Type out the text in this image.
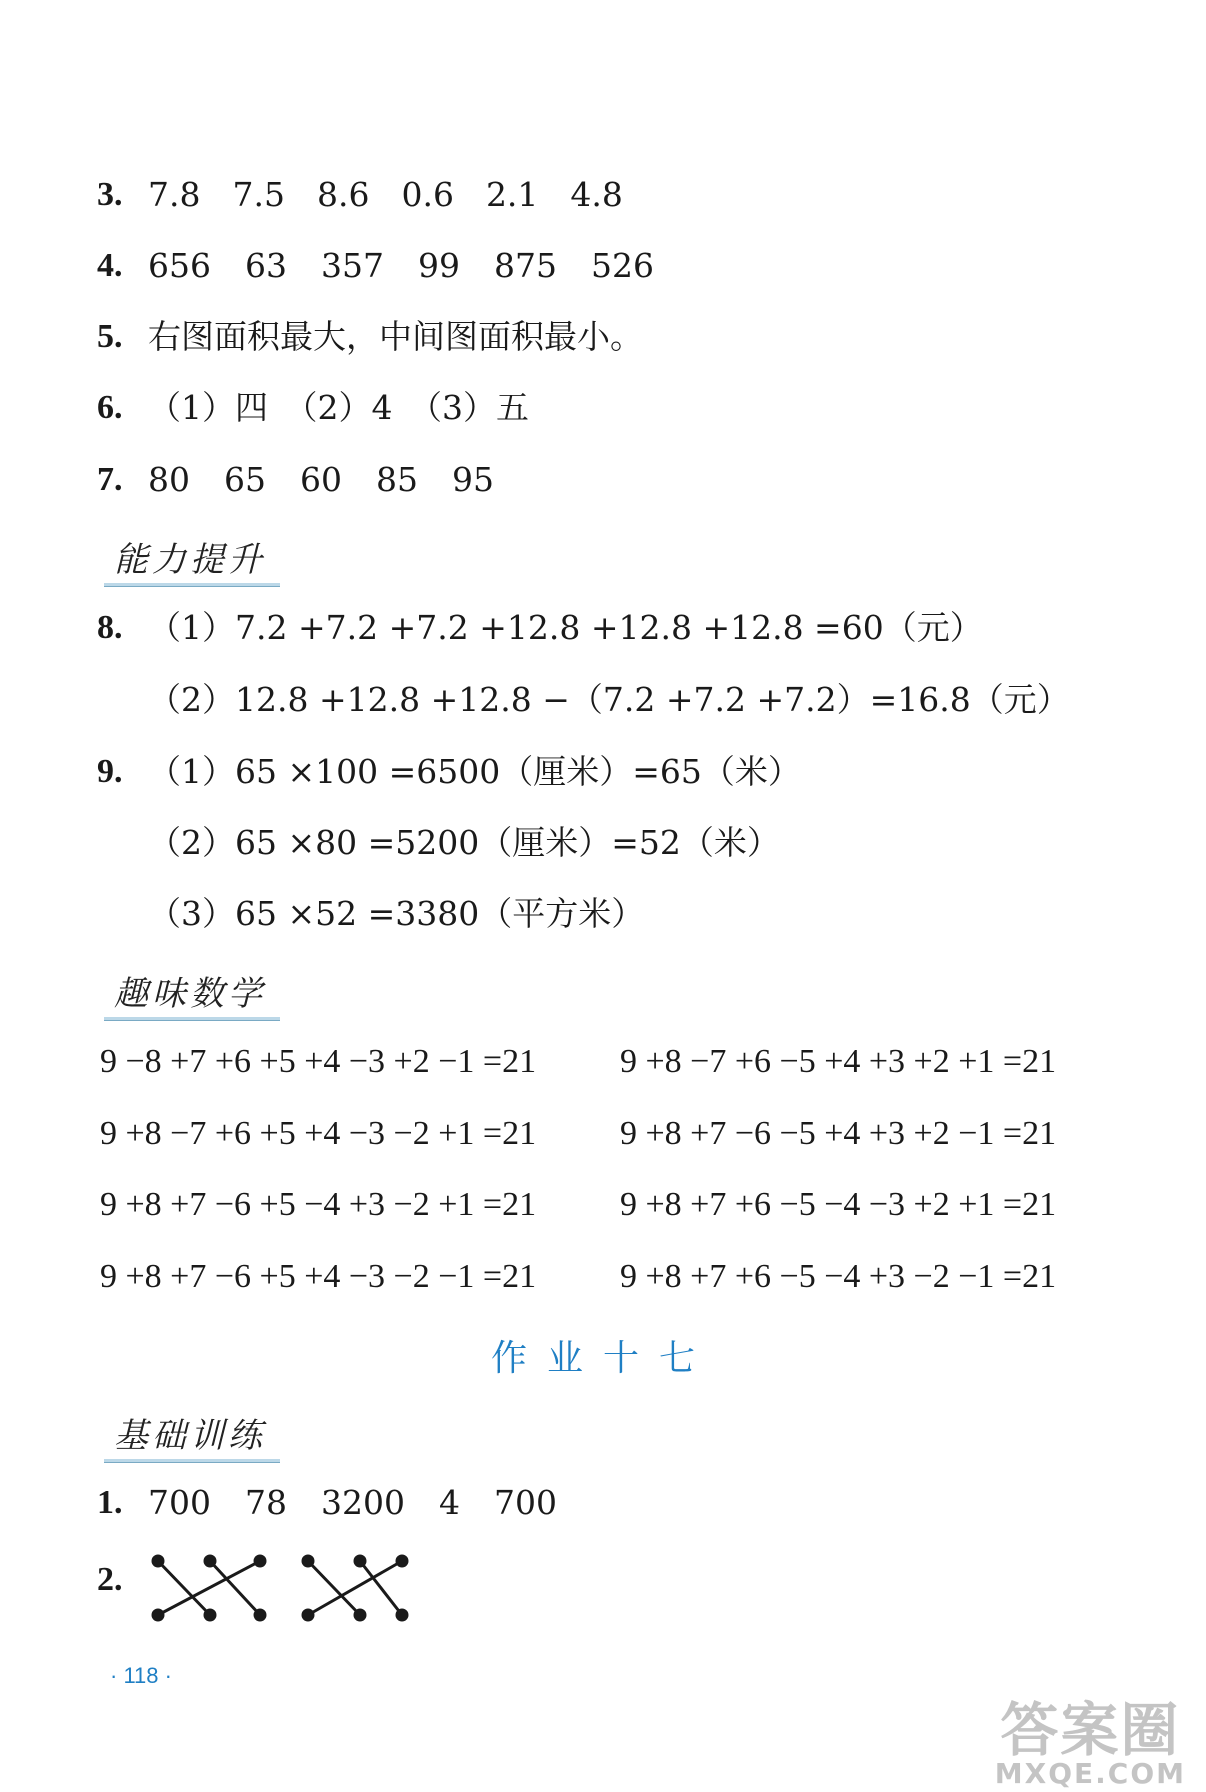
3. 7.8 7.5 8.6 0.6 2.1 4.8
4. 656 63 357 99 875 526
5. 右图面积最大，中间图面积最小。
6. （1）四　（2）4　（3）五
7. 80 65 60 85 95
能力提升
8. （1）7.2 +7.2 +7.2 +12.8 +12.8 +12.8 =60（元）
（2）12.8 +12.8 +12.8 −（7.2 +7.2 +7.2）=16.8（元）
9. （1）65 ×100 =6500（厘米）=65（米）
（2）65 ×80 =5200（厘米）=52（米）
（3）65 ×52 =3380（平方米）
趣味数学
9 −8 +7 +6 +5 +4 −3 +2 −1 =21 9 +8 −7 +6 −5 +4 +3 +2 +1 =21
9 +8 −7 +6 +5 +4 −3 −2 +1 =21 9 +8 +7 −6 −5 +4 +3 +2 −1 =21
9 +8 +7 −6 +5 −4 +3 −2 +1 =21 9 +8 +7 +6 −5 −4 −3 +2 +1 =21
9 +8 +7 −6 +5 +4 −3 −2 −1 =21 9 +8 +7 +6 −5 −4 +3 −2 −1 =21
作业十七
基础训练
1. 700 78 3200 4 700
2.
· 118 ·
答案圈
MXQE.COM
